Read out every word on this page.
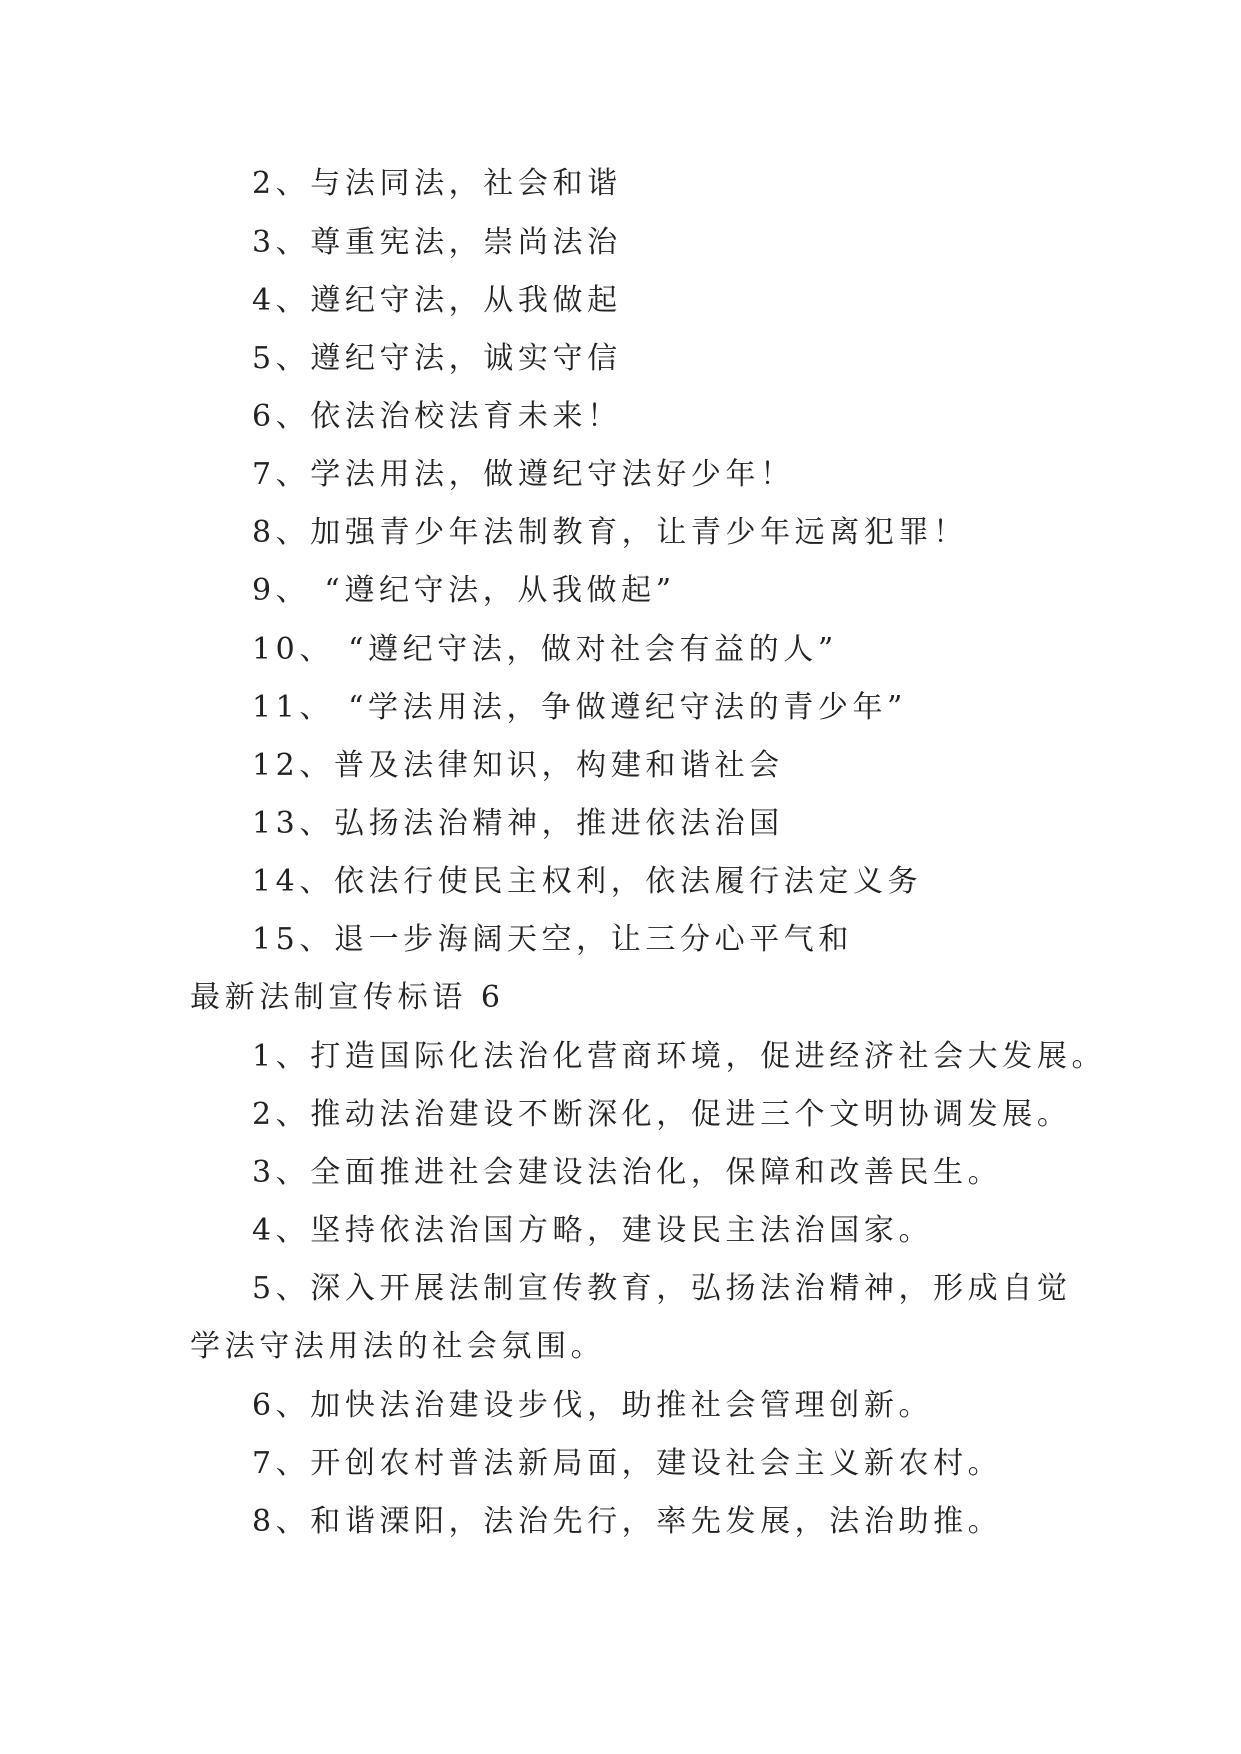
2、与法同法，社会和谐
3、尊重宪法，崇尚法治
4、遵纪守法，从我做起
5、遵纪守法，诚实守信
6、依法治校法育未来！
7、学法用法，做遵纪守法好少年！
8、加强青少年法制教育，让青少年远离犯罪！
9、 “遵纪守法，从我做起”
10、 “遵纪守法，做对社会有益的人”
11、 “学法用法，争做遵纪守法的青少年”
12、普及法律知识，构建和谐社会
13、弘扬法治精神，推进依法治国
14、依法行使民主权利，依法履行法定义务
15、退一步海阔天空，让三分心平气和
最新法制宣传标语 6
1、打造国际化法治化营商环境，促进经济社会大发展。
2、推动法治建设不断深化，促进三个文明协调发展。
3、全面推进社会建设法治化，保障和改善民生。
4、坚持依法治国方略，建设民主法治国家。
5、深入开展法制宣传教育，弘扬法治精神，形成自觉
学法守法用法的社会氛围。
6、加快法治建设步伐，助推社会管理创新。
7、开创农村普法新局面，建设社会主义新农村。
8、和谐溧阳，法治先行，率先发展，法治助推。
